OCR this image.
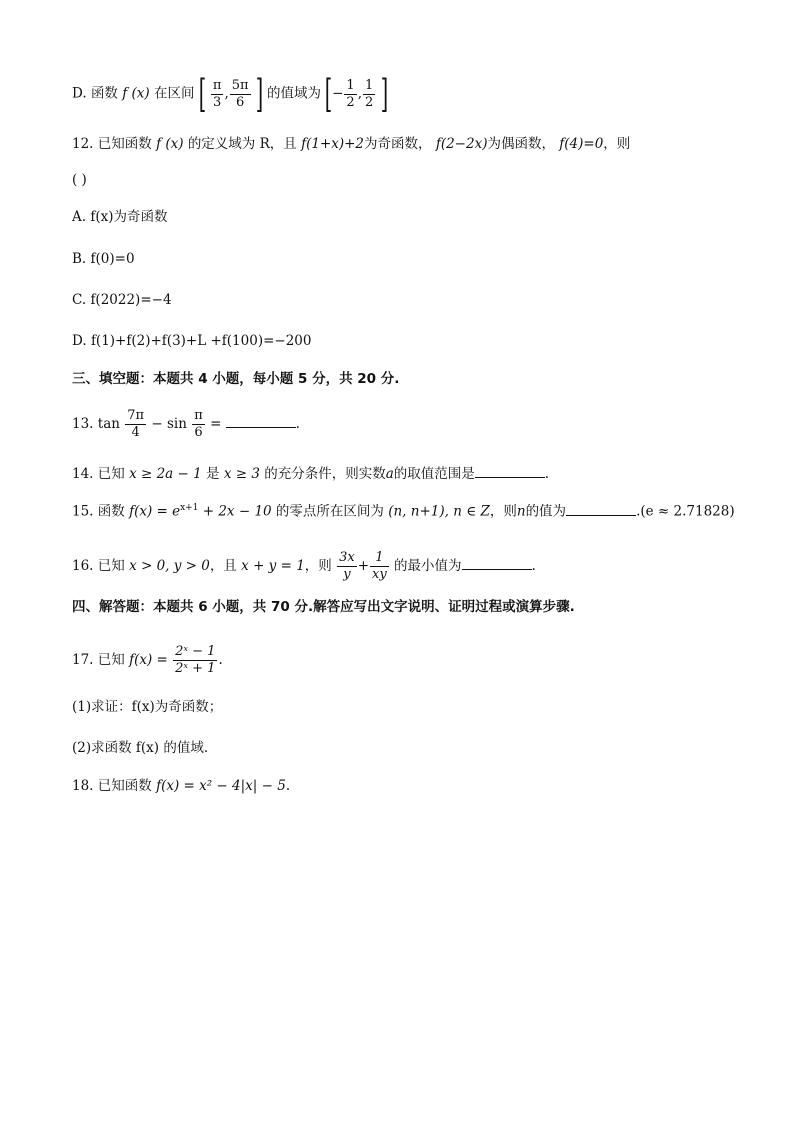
D. 函数 f (x) 在区间 [ $\frac{\pi}{3}$ , $\frac{5\pi}{6}$ ] 的值域为 [− $\frac{1}{2}$ , $\frac{1}{2}$ ]
12. 已知函数 f (x) 的定义域为 R，且 f(1+x)+2为奇函数， f(2−2x)为偶函数， f(4)=0，则
( )
A. f(x)为奇函数
B. f(0)=0
C. f(2022)=−4
D. f(1)+f(2)+f(3)+L +f(100)=−200
三、填空题：本题共 4 小题，每小题 5 分，共 20 分.
13. $\tan \frac{7\pi}{4} - \sin \frac{\pi}{6}$ =	.
14. 已知 x ≥ 2a − 1 是 x ≥ 3 的充分条件，则实数a的取值范围是	.
15. 函数 $f(x) = e^{x+1} + 2x - 10$ 的零点所在区间为 (n, n+1), n ∈ Z，则n的值为	.(e ≈ 2.71828)
16. 已知 x > 0, y > 0，且 x + y = 1，则 $\frac{3x}{y} + \frac{1}{xy}$ 的最小值为	.
四、解答题：本题共 6 小题，共 70 分.解答应写出文字说明、证明过程或演算步骤.
17. 已知 $f(x) = \frac{\text{2ˣ − 1}}{\text{2ˣ + 1}}$ .
(1)求证：f(x)为奇函数；
(2)求函数 f(x) 的值域.
18. 已知函数 f(x) = x² − 4|x| − 5.
